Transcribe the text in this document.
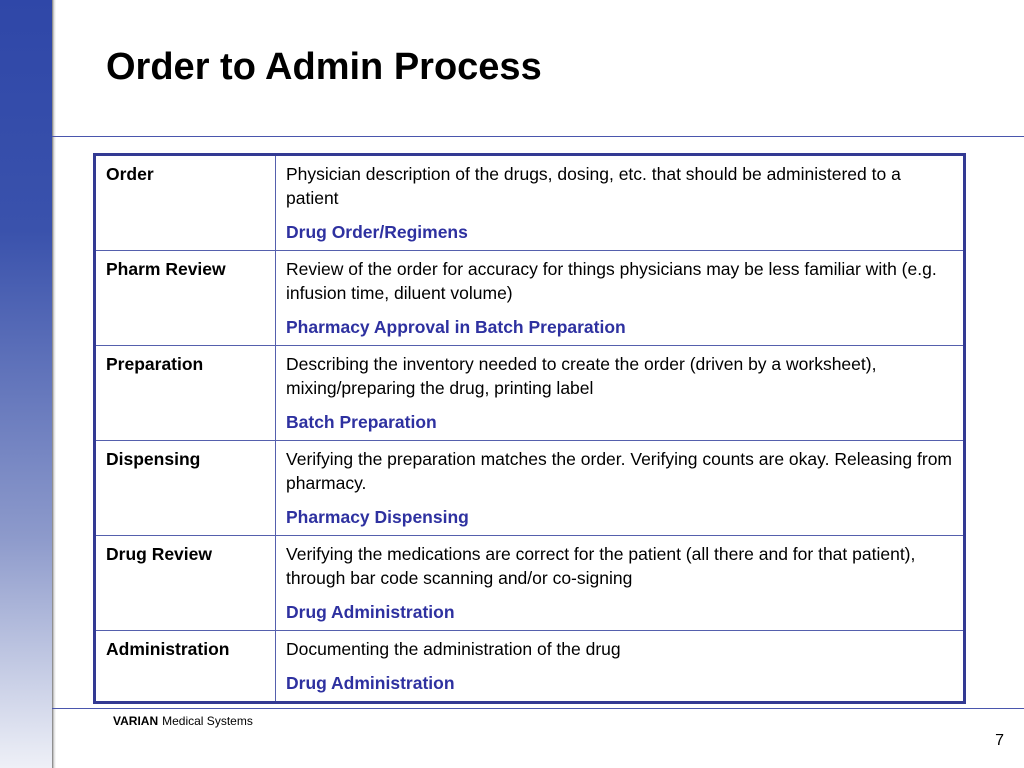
Order to Admin Process
Order	Physician description of the drugs, dosing, etc. that should be administered to a patient
Drug Order/Regimens

Pharm Review	Review of the order for accuracy for things physicians may be less familiar with (e.g. infusion time, diluent volume)
Pharmacy Approval in Batch Preparation

Preparation	Describing the inventory needed to create the order (driven by a worksheet), mixing/preparing the drug, printing label
Batch Preparation

Dispensing	Verifying the preparation matches the order. Verifying counts are okay. Releasing from pharmacy.
Pharmacy Dispensing

Drug Review	Verifying the medications are correct for the patient (all there and for that patient), through bar code scanning and/or co-signing
Drug Administration

Administration	Documenting the administration of the drug
Drug Administration
VARIAN Medical Systems
7
